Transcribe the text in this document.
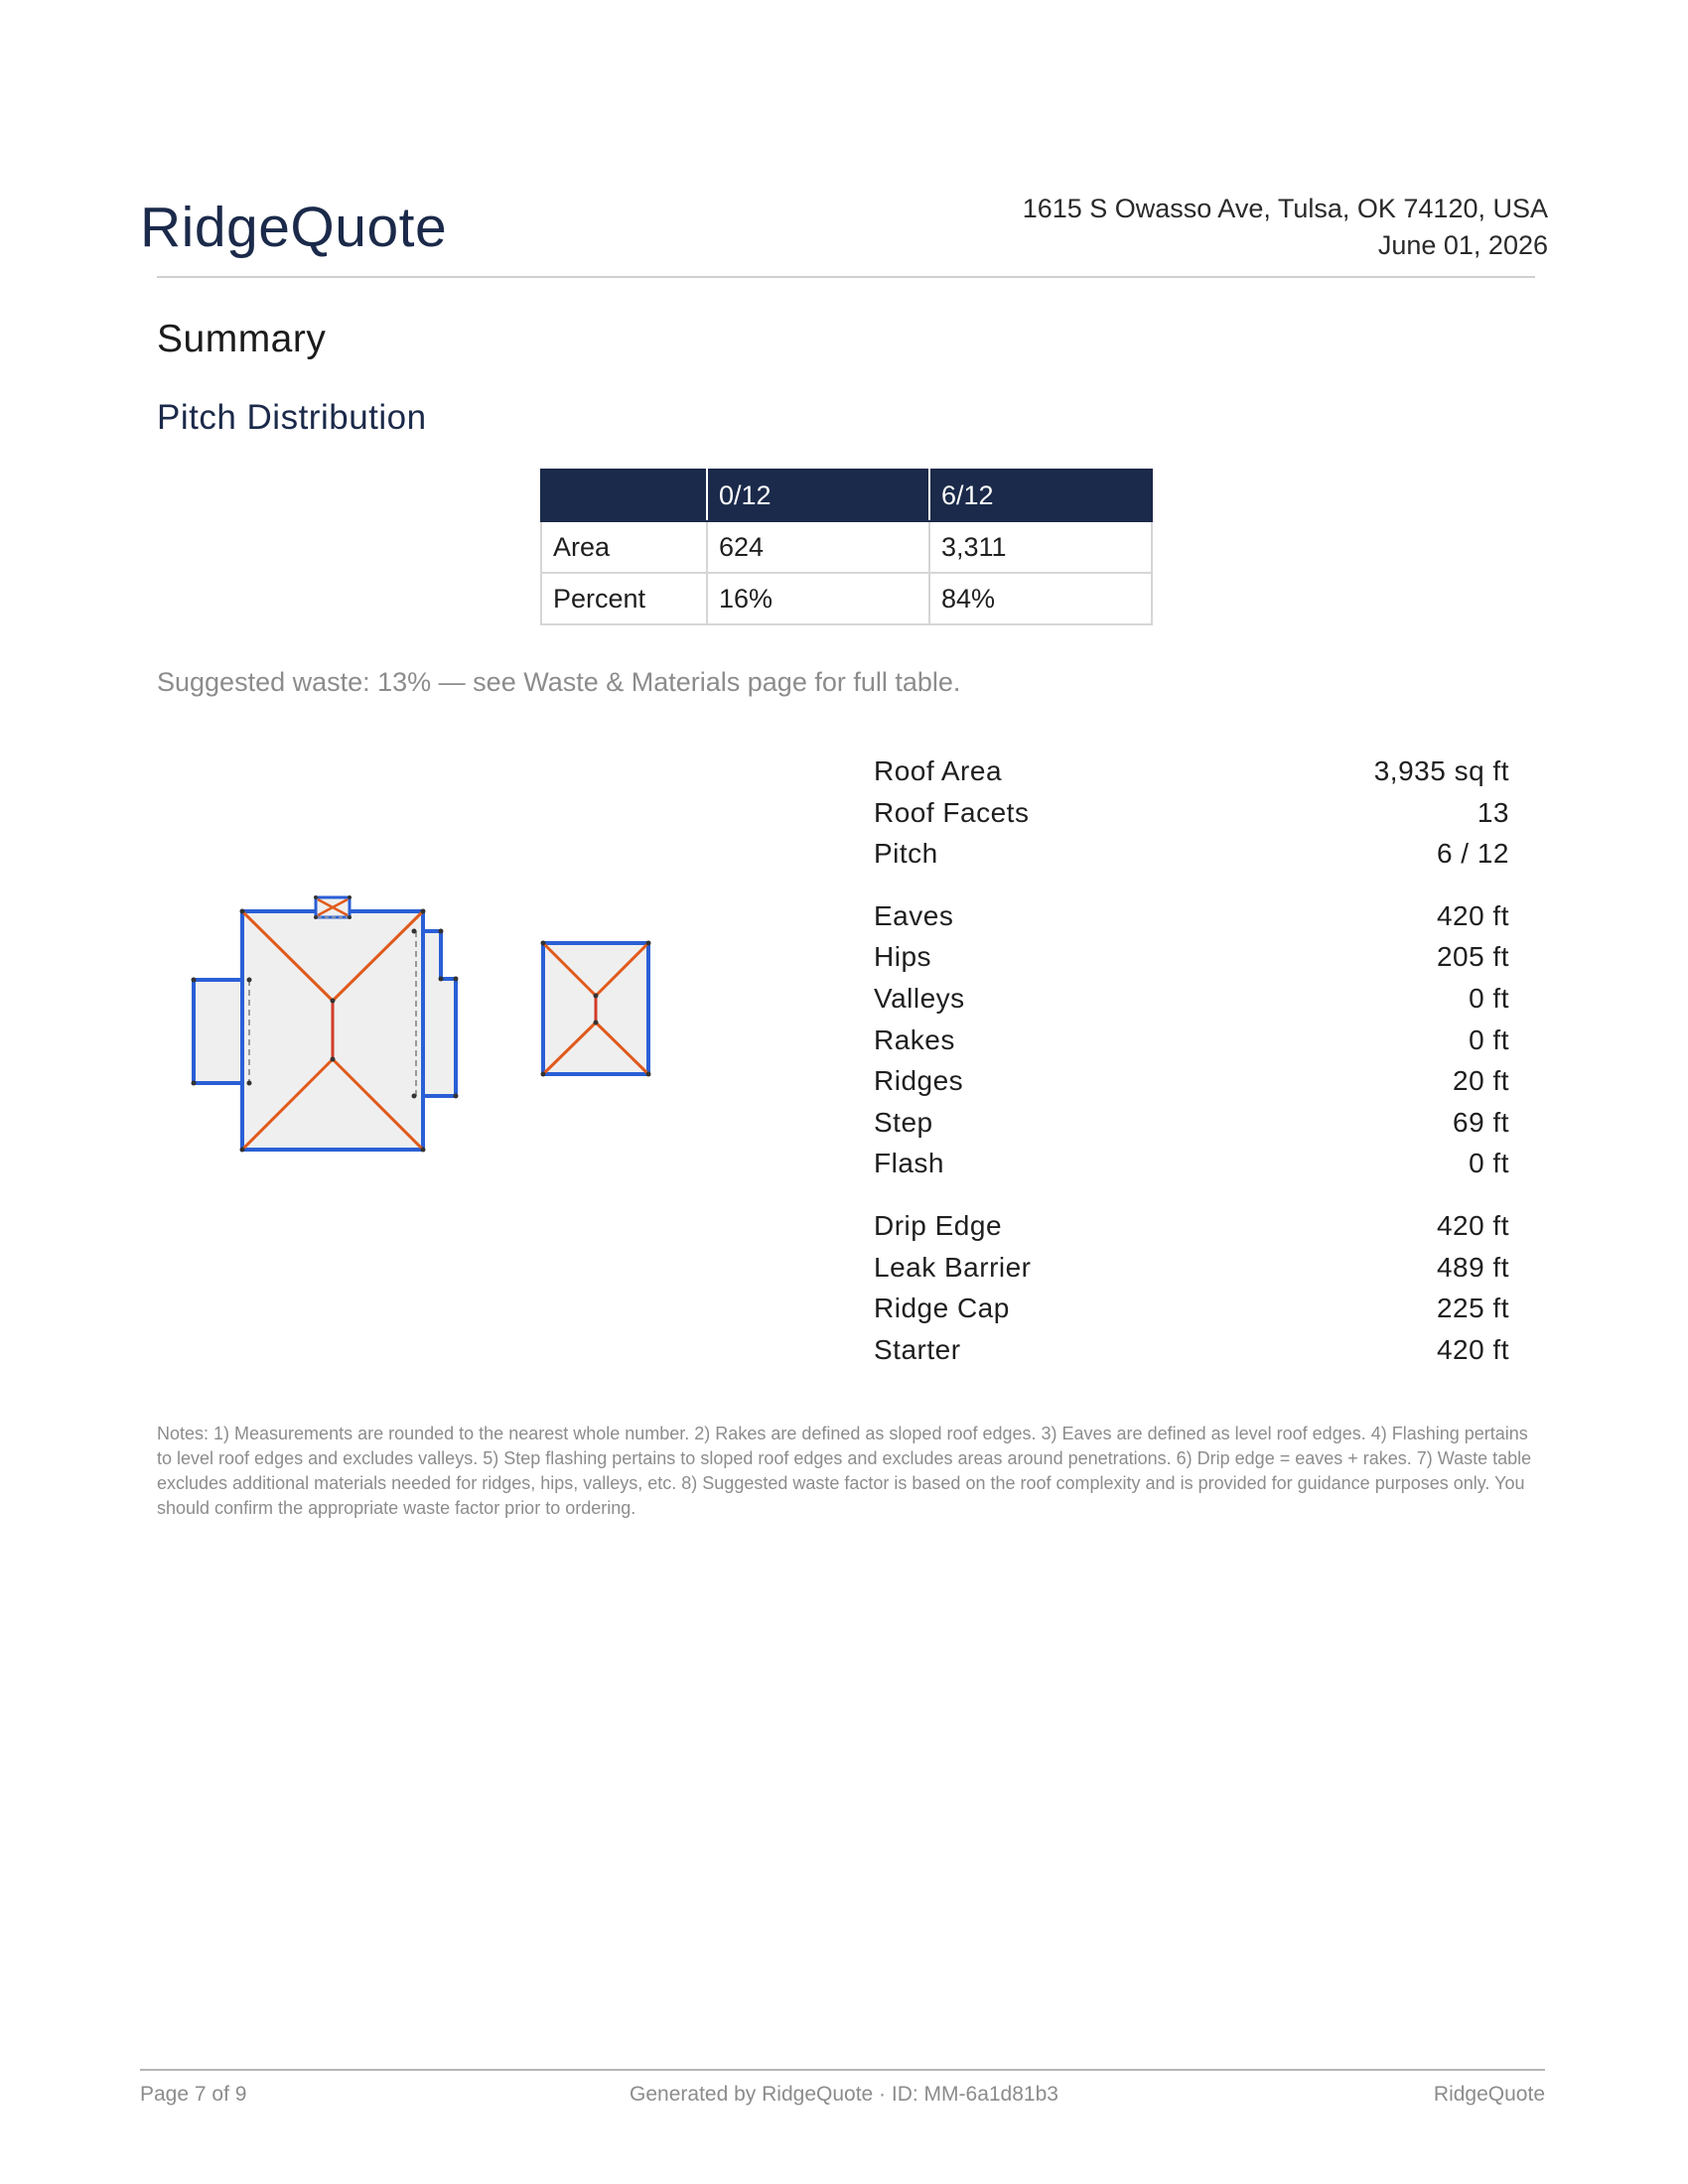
RidgeQuote	1615 S Owasso Ave, Tulsa, OK 74120, USA
June 01, 2026
Summary
Pitch Distribution
	0/12	6/12
Area	624	3,311
Percent	16%	84%
Suggested waste: 13% — see Waste & Materials page for full table.
Roof Area	3,935 sq ft
Roof Facets	13
Pitch	6 / 12
Eaves	420 ft
Hips	205 ft
Valleys	0 ft
Rakes	0 ft
Ridges	20 ft
Step	69 ft
Flash	0 ft
Drip Edge	420 ft
Leak Barrier	489 ft
Ridge Cap	225 ft
Starter	420 ft
Notes: 1) Measurements are rounded to the nearest whole number. 2) Rakes are defined as sloped roof edges. 3) Eaves are defined as level roof edges. 4) Flashing pertains to level roof edges and excludes valleys. 5) Step flashing pertains to sloped roof edges and excludes areas around penetrations. 6) Drip edge = eaves + rakes. 7) Waste table excludes additional materials needed for ridges, hips, valleys, etc. 8) Suggested waste factor is based on the roof complexity and is provided for guidance purposes only. You should confirm the appropriate waste factor prior to ordering.
Page 7 of 9	Generated by RidgeQuote · ID: MM-6a1d81b3	RidgeQuote
